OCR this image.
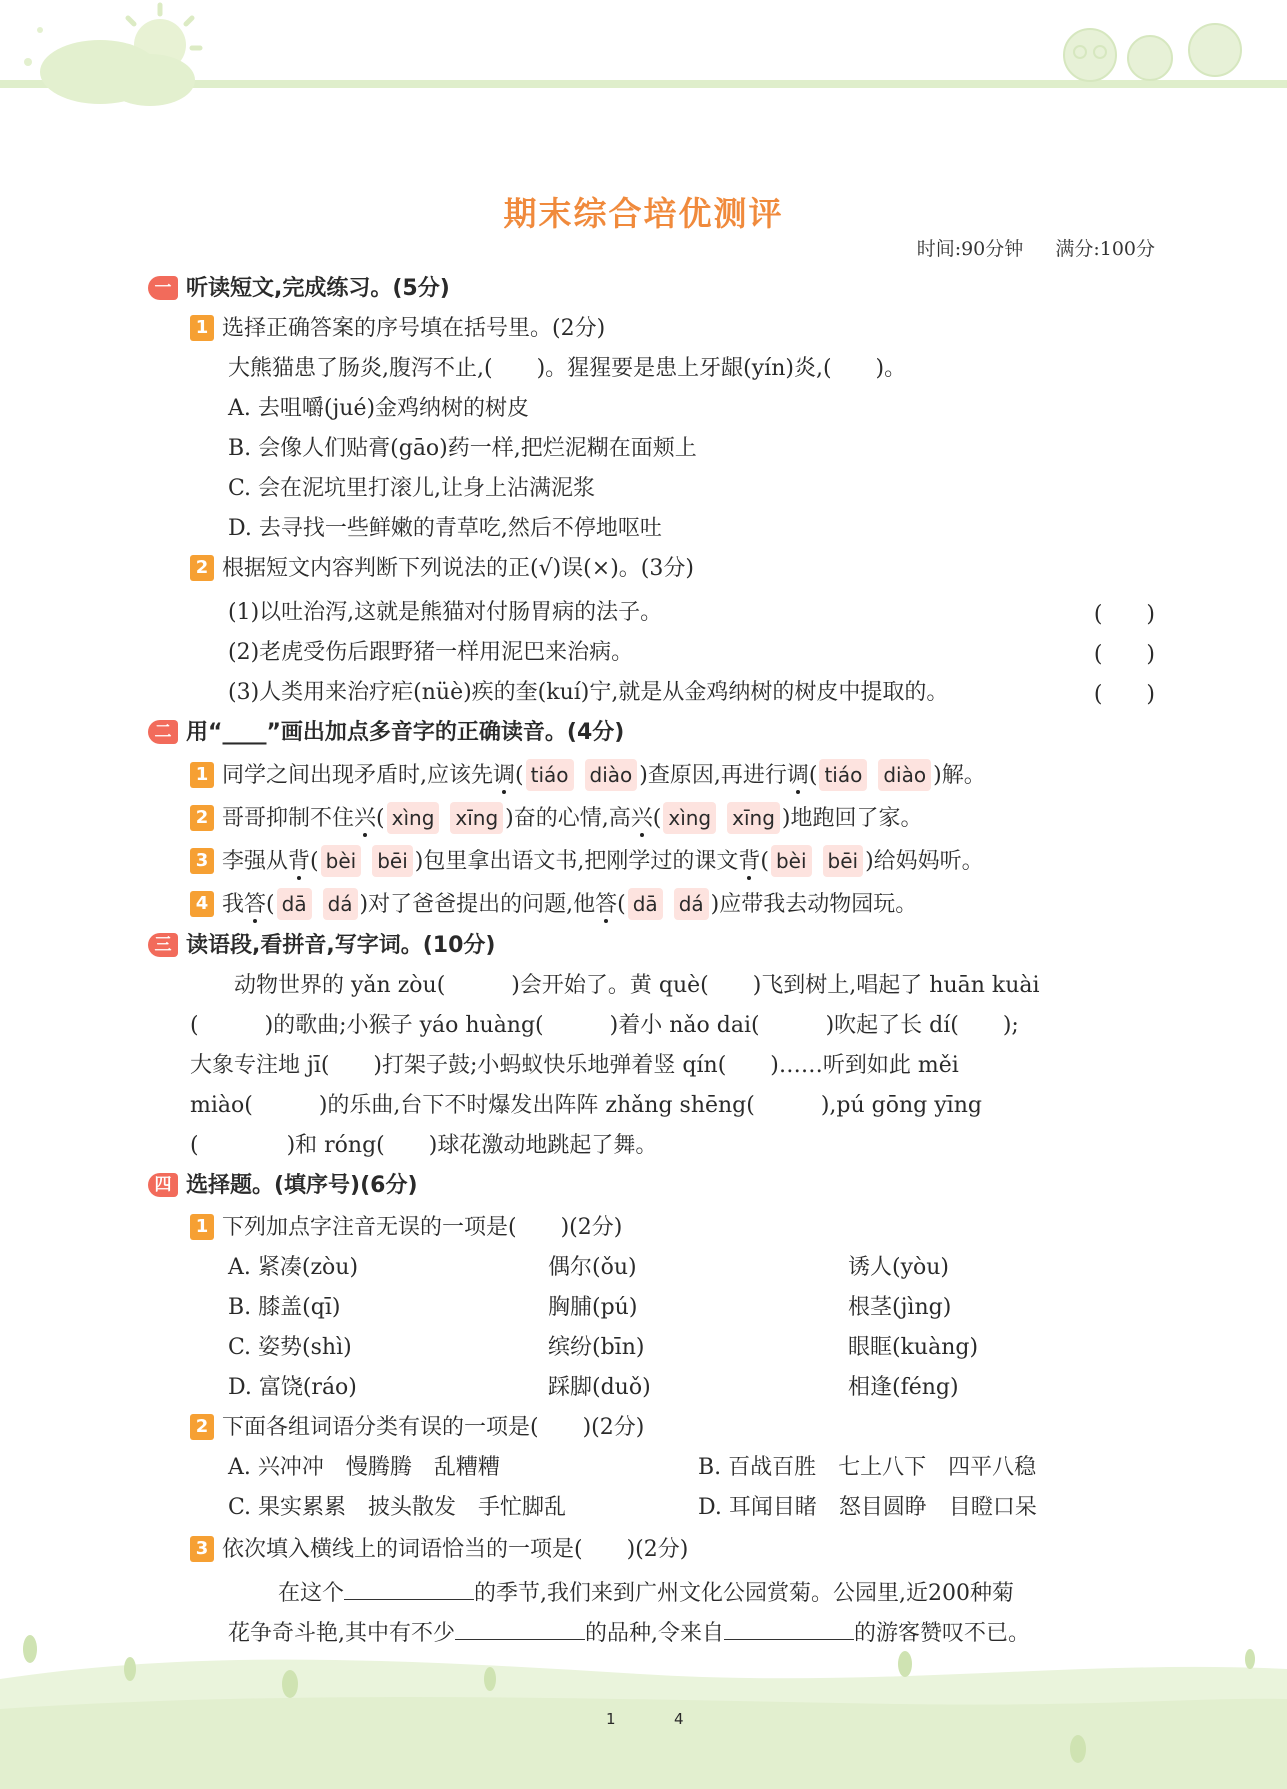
期末综合培优测评
时间:90分钟 满分:100分
一 听读短文,完成练习。(5分)
1 选择正确答案的序号填在括号里。(2分)
大熊猫患了肠炎,腹泻不止,(　　)。猩猩要是患上牙龈(yín)炎,(　　)。
A. 去咀嚼(jué)金鸡纳树的树皮
B. 会像人们贴膏(gāo)药一样,把烂泥糊在面颊上
C. 会在泥坑里打滚儿,让身上沾满泥浆
D. 去寻找一些鲜嫩的青草吃,然后不停地呕吐
2 根据短文内容判断下列说法的正(√)误(×)。(3分)
(1)以吐治泻,这就是熊猫对付肠胃病的法子。	(　　)
(2)老虎受伤后跟野猪一样用泥巴来治病。	(　　)
(3)人类用来治疗疟(nüè)疾的奎(kuí)宁,就是从金鸡纳树的树皮中提取的。	(　　)
二 用“____”画出加点多音字的正确读音。(4分)
1 同学之间出现矛盾时,应该先调( tiáo diào )查原因,再进行调( tiáo diào )解。
2 哥哥抑制不住兴( xìng xīng )奋的心情,高兴( xìng xīng )地跑回了家。
3 李强从背( bèi bēi )包里拿出语文书,把刚学过的课文背( bèi bēi )给妈妈听。
4 我答( dā dá )对了爸爸提出的问题,他答( dā dá )应带我去动物园玩。
三 读语段,看拼音,写字词。(10分)
　　动物世界的 yǎn zòu(　　　)会开始了。黄 què(　　)飞到树上,唱起了 huān kuài
(　　　)的歌曲;小猴子 yáo huàng(　　　)着小 nǎo dai(　　　)吹起了长 dí(　　);
大象专注地 jī(　　)打架子鼓;小蚂蚁快乐地弹着竖 qín(　　)……听到如此 měi
miào(　　　)的乐曲,台下不时爆发出阵阵 zhǎng shēng(　　　),pú gōng yīng
(　　　　)和 róng(　　)球花激动地跳起了舞。
四 选择题。(填序号)(6分)
1 下列加点字注音无误的一项是(　　)(2分)
A. 紧凑(zòu)	偶尔(ǒu)	诱人(yòu)
B. 膝盖(qī)	胸脯(pú)	根茎(jìng)
C. 姿势(shì)	缤纷(bīn)	眼眶(kuàng)
D. 富饶(ráo)	踩脚(duǒ)	相逢(féng)
2 下面各组词语分类有误的一项是(　　)(2分)
A. 兴冲冲　慢腾腾　乱糟糟	B. 百战百胜　七上八下　四平八稳
C. 果实累累　披头散发　手忙脚乱	D. 耳闻目睹　怒目圆睁　目瞪口呆
3 依次填入横线上的词语恰当的一项是(　　)(2分)
在这个	的季节,我们来到广州文化公园赏菊。公园里,近200种菊
花争奇斗艳,其中有不少	的品种,令来自	的游客赞叹不已。
1	4
